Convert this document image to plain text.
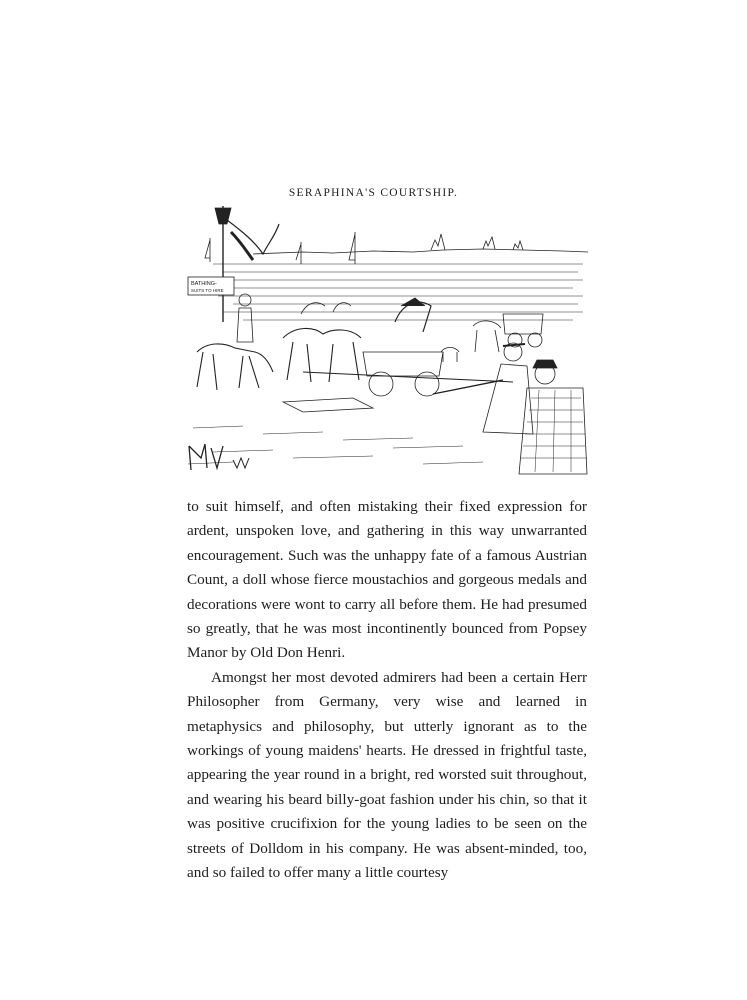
SERAPHINA'S COURTSHIP.
BATHING-
SUITS TO HIRE

to suit himself, and often mistaking their fixed expression for ardent, unspoken love, and gathering in this way unwarranted encouragement. Such was the unhappy fate of a famous Austrian Count, a doll whose fierce moustachios and gorgeous medals and decorations were wont to carry all before them. He had presumed so greatly, that he was most incontinently bounced from Popsey Manor by Old Don Henri.

Amongst her most devoted admirers had been a certain Herr Philosopher from Germany, very wise and learned in metaphysics and philosophy, but utterly ignorant as to the workings of young maidens' hearts. He dressed in frightful taste, appearing the year round in a bright, red worsted suit throughout, and wearing his beard billy-goat fashion under his chin, so that it was positive crucifixion for the young ladies to be seen on the streets of Dolldom in his company. He was absent-minded, too, and so failed to offer many a little courtesy
